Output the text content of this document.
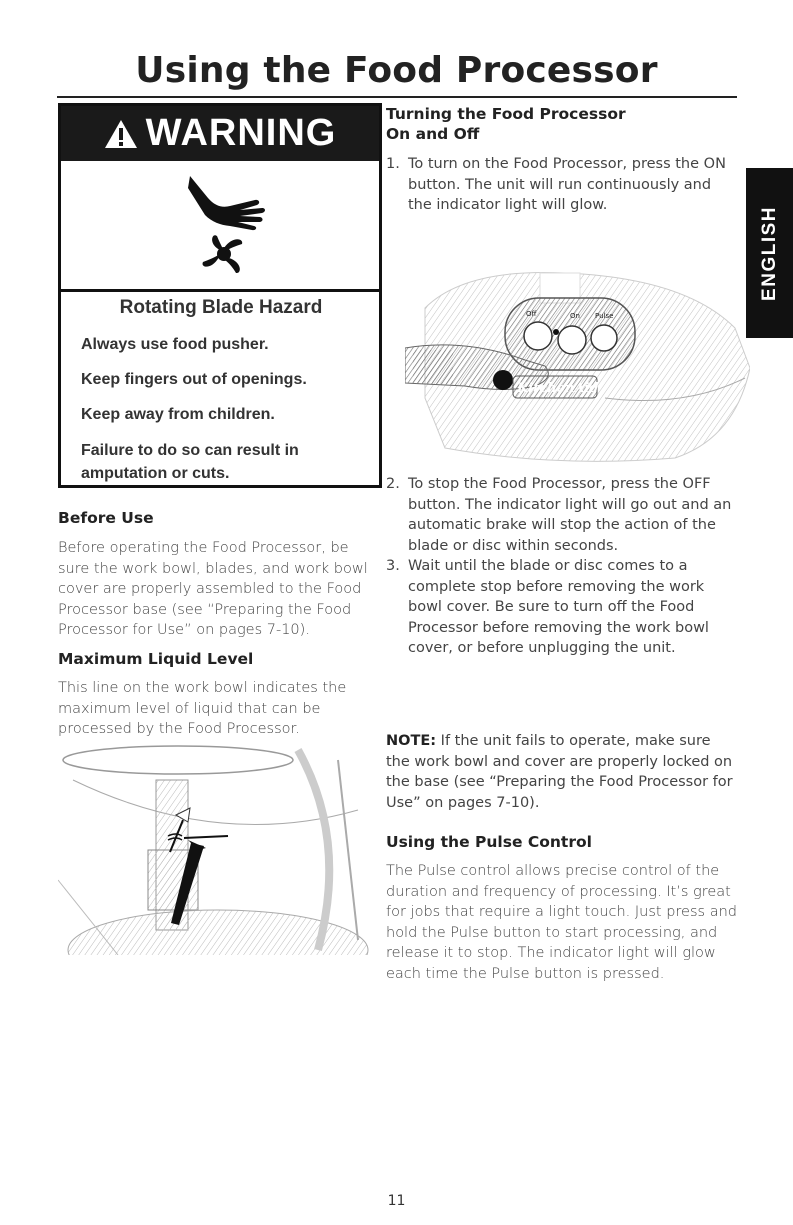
Using the Food Processor
WARNING

Rotating Blade Hazard

Always use food pusher.

Keep fingers out of openings.

Keep away from children.

Failure to do so can result in amputation or cuts.

Before Use

Before operating the Food Processor, be sure the work bowl, blades, and work bowl cover are properly assembled to the Food Processor base (see “Preparing the Food Processor for Use” on pages 7-10).

Maximum Liquid Level

This line on the work bowl indicates the maximum level of liquid that can be processed by the Food Processor.

Turning the Food Processor
On and Off
1. To turn on the Food Processor, press the ON button. The unit will run continuously and the indicator light will glow.
Off	On Pulse
KitchenAid
2. To stop the Food Processor, press the OFF button. The indicator light will go out and an automatic brake will stop the action of the blade or disc within seconds.
3. Wait until the blade or disc comes to a complete stop before removing the work bowl cover. Be sure to turn off the Food Processor before removing the work bowl cover, or before unplugging the unit.

NOTE: If the unit fails to operate, make sure the work bowl and cover are properly locked on the base (see “Preparing the Food Processor for Use” on pages 7-10).

Using the Pulse Control

The Pulse control allows precise control of the duration and frequency of processing. It’s great for jobs that require a light touch. Just press and hold the Pulse button to start processing, and release it to stop. The indicator light will glow each time the Pulse button is pressed.

ENGLISH
11
